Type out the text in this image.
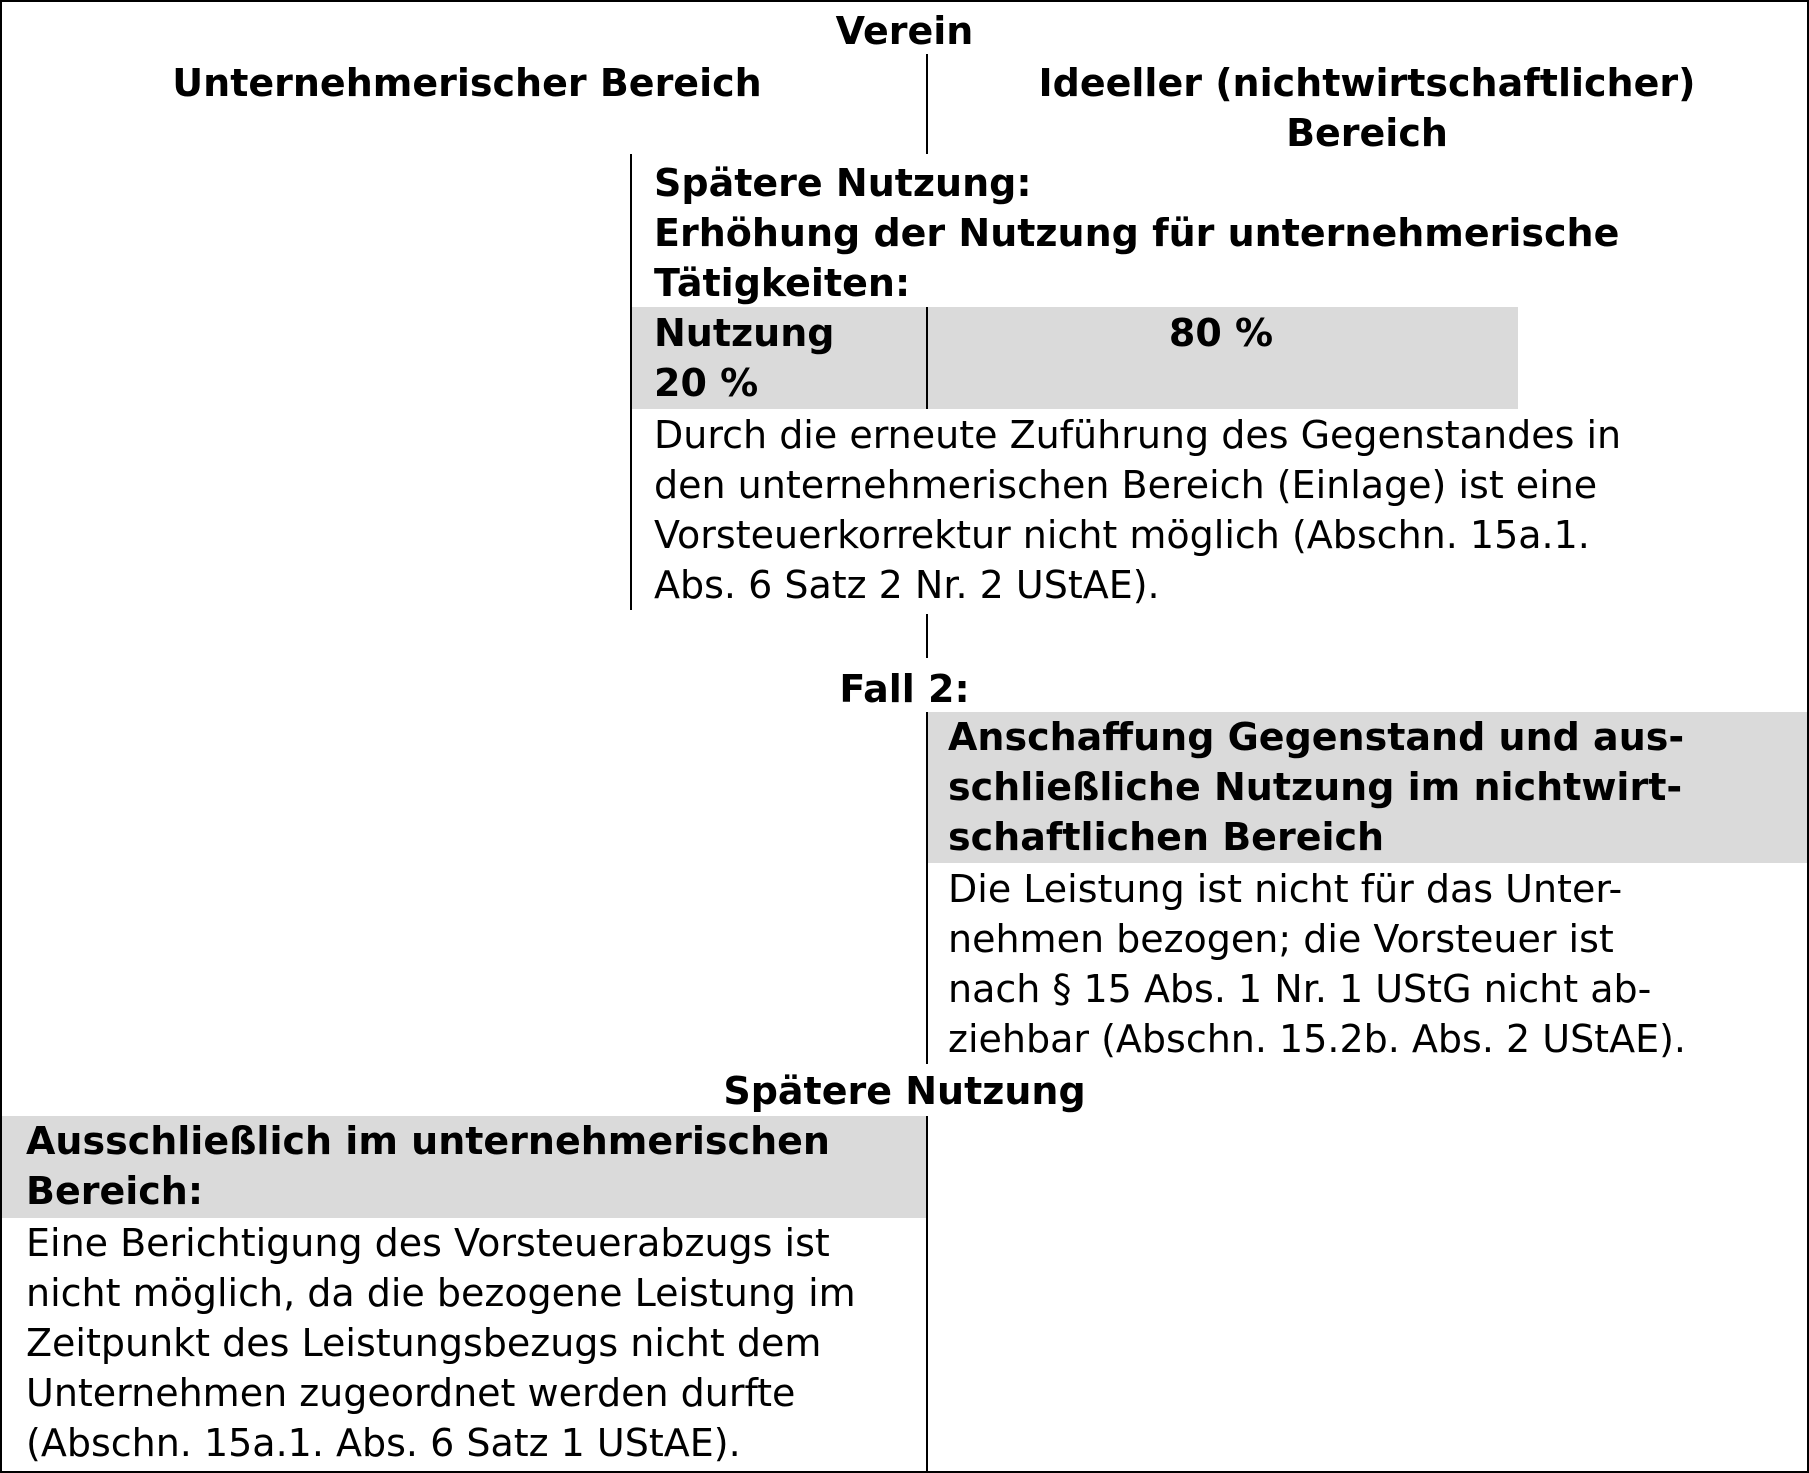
Verein
Unternehmerischer Bereich	Ideeller (nichtwirtschaftlicher)
Bereich
Spätere Nutzung:
Erhöhung der Nutzung für unternehmerische
Tätigkeiten:
Nutzung
20 %
80 %
Durch die erneute Zuführung des Gegenstandes in
den unternehmerischen Bereich (Einlage) ist eine
Vorsteuerkorrektur nicht möglich (Abschn. 15a.1.
Abs. 6 Satz 2 Nr. 2 UStAE).
Fall 2:
Anschaffung Gegenstand und aus-
schließliche Nutzung im nichtwirt-
schaftlichen Bereich
Die Leistung ist nicht für das Unter-
nehmen bezogen; die Vorsteuer ist
nach § 15 Abs. 1 Nr. 1 UStG nicht ab-
ziehbar (Abschn. 15.2b. Abs. 2 UStAE).
Spätere Nutzung
Ausschließlich im unternehmerischen
Bereich:
Eine Berichtigung des Vorsteuerabzugs ist
nicht möglich, da die bezogene Leistung im
Zeitpunkt des Leistungsbezugs nicht dem
Unternehmen zugeordnet werden durfte
(Abschn. 15a.1. Abs. 6 Satz 1 UStAE).
